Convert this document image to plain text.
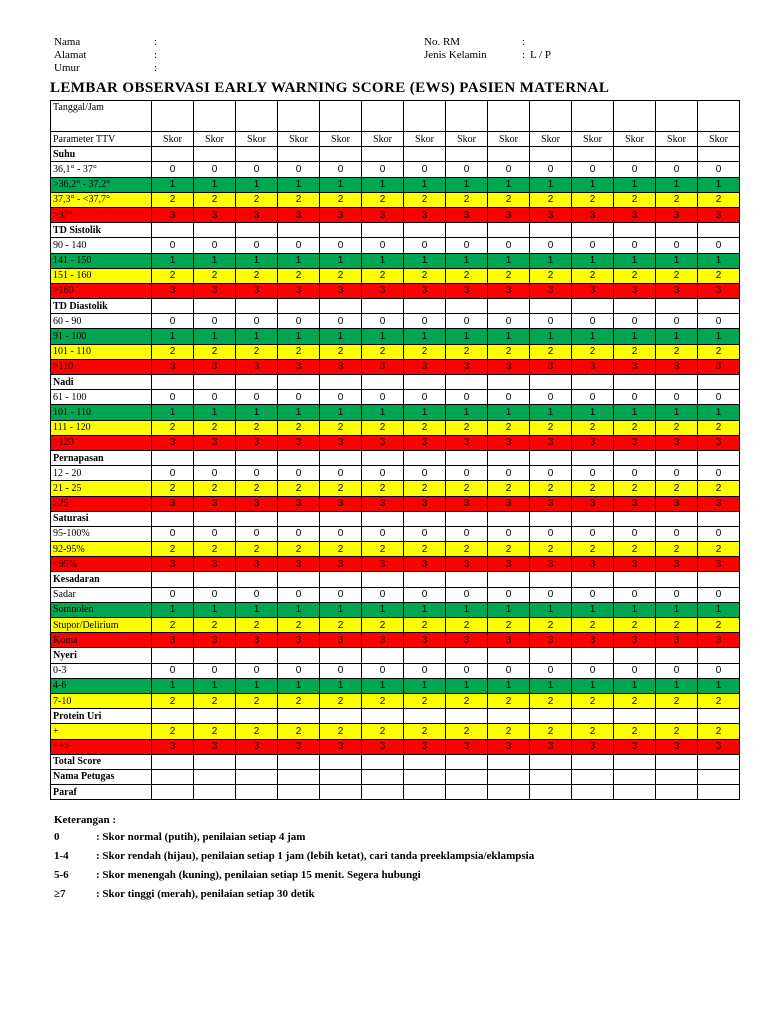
Nama	:	No. RM	:
Alamat	:	Jenis Kelamin	: L / P
Umur	:
LEMBAR OBSERVASI EARLY WARNING SCORE (EWS) PASIEN MATERNAL
Tanggal/Jam														
Parameter TTV	Skor	Skor	Skor	Skor	Skor	Skor	Skor	Skor	Skor	Skor	Skor	Skor	Skor	Skor
Suhu														
36,1° - 37°	0	0	0	0	0	0	0	0	0	0	0	0	0	0
>36,2° - 37,2°	1	1	1	1	1	1	1	1	1	1	1	1	1	1
37,3° - <37,7°	2	2	2	2	2	2	2	2	2	2	2	2	2	2
>37°	3	3	3	3	3	3	3	3	3	3	3	3	3	3
TD Sistolik														
90 - 140	0	0	0	0	0	0	0	0	0	0	0	0	0	0
141 - 150	1	1	1	1	1	1	1	1	1	1	1	1	1	1
151 - 160	2	2	2	2	2	2	2	2	2	2	2	2	2	2
>160	3	3	3	3	3	3	3	3	3	3	3	3	3	3
TD Diastolik														
60 - 90	0	0	0	0	0	0	0	0	0	0	0	0	0	0
91 - 100	1	1	1	1	1	1	1	1	1	1	1	1	1	1
101 - 110	2	2	2	2	2	2	2	2	2	2	2	2	2	2
>110	3	3	3	3	3	3	3	3	3	3	3	3	3	3
Nadi														
61 - 100	0	0	0	0	0	0	0	0	0	0	0	0	0	0
101 - 110	1	1	1	1	1	1	1	1	1	1	1	1	1	1
111 - 120	2	2	2	2	2	2	2	2	2	2	2	2	2	2
>120	3	3	3	3	3	3	3	3	3	3	3	3	3	3
Pernapasan														
12 - 20	0	0	0	0	0	0	0	0	0	0	0	0	0	0
21 - 25	2	2	2	2	2	2	2	2	2	2	2	2	2	2
≥25	3	3	3	3	3	3	3	3	3	3	3	3	3	3
Saturasi														
95-100%	0	0	0	0	0	0	0	0	0	0	0	0	0	0
92-95%	2	2	2	2	2	2	2	2	2	2	2	2	2	2
<95%	3	3	3	3	3	3	3	3	3	3	3	3	3	3
Kesadaran														
Sadar	0	0	0	0	0	0	0	0	0	0	0	0	0	0
Somnolen	1	1	1	1	1	1	1	1	1	1	1	1	1	1
Stupor/Delirium	2	2	2	2	2	2	2	2	2	2	2	2	2	2
Koma	3	3	3	3	3	3	3	3	3	3	3	3	3	3
Nyeri														
0-3	0	0	0	0	0	0	0	0	0	0	0	0	0	0
4-6	1	1	1	1	1	1	1	1	1	1	1	1	1	1
7-10	2	2	2	2	2	2	2	2	2	2	2	2	2	2
Protein Uri														
+	2	2	2	2	2	2	2	2	2	2	2	2	2	2
++>	3	3	3	3	3	3	3	3	3	3	3	3	3	3
Total Score														
Nama Petugas														
Paraf														
Keterangan :
0	: Skor normal (putih), penilaian setiap 4 jam
1-4 : Skor rendah (hijau), penilaian setiap 1 jam (lebih ketat), cari tanda preeklampsia/eklampsia
5-6 : Skor menengah (kuning), penilaian setiap 15 menit. Segera hubungi
≥7	: Skor tinggi (merah), penilaian setiap 30 detik
